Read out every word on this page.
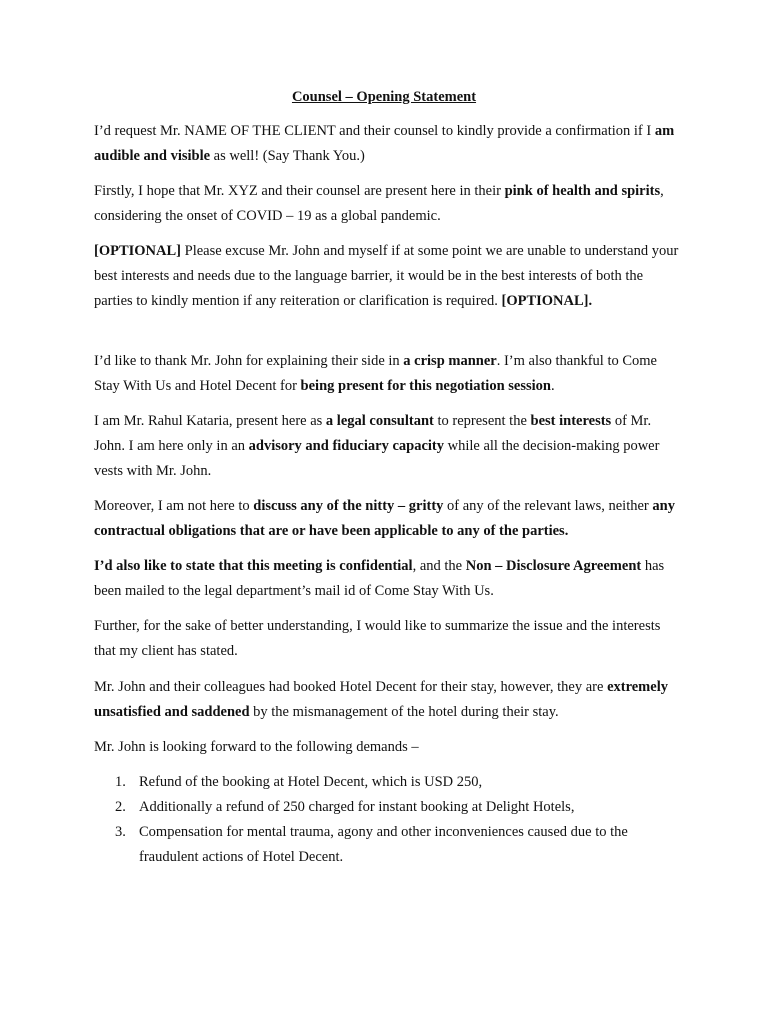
Counsel – Opening Statement

I’d request Mr. NAME OF THE CLIENT and their counsel to kindly provide a confirmation if I am audible and visible as well! (Say Thank You.)

Firstly, I hope that Mr. XYZ and their counsel are present here in their pink of health and spirits, considering the onset of COVID – 19 as a global pandemic.

[OPTIONAL] Please excuse Mr. John and myself if at some point we are unable to understand your best interests and needs due to the language barrier, it would be in the best interests of both the parties to kindly mention if any reiteration or clarification is required. [OPTIONAL].

I’d like to thank Mr. John for explaining their side in a crisp manner. I’m also thankful to Come Stay With Us and Hotel Decent for being present for this negotiation session.

I am Mr. Rahul Kataria, present here as a legal consultant to represent the best interests of Mr. John. I am here only in an advisory and fiduciary capacity while all the decision-making power vests with Mr. John.

Moreover, I am not here to discuss any of the nitty – gritty of any of the relevant laws, neither any contractual obligations that are or have been applicable to any of the parties.

I’d also like to state that this meeting is confidential, and the Non – Disclosure Agreement has been mailed to the legal department’s mail id of Come Stay With Us.

Further, for the sake of better understanding, I would like to summarize the issue and the interests that my client has stated.

Mr. John and their colleagues had booked Hotel Decent for their stay, however, they are extremely unsatisfied and saddened by the mismanagement of the hotel during their stay.

Mr. John is looking forward to the following demands –

1. Refund of the booking at Hotel Decent, which is USD 250,
2. Additionally a refund of 250 charged for instant booking at Delight Hotels,
3. Compensation for mental trauma, agony and other inconveniences caused due to the fraudulent actions of Hotel Decent.
